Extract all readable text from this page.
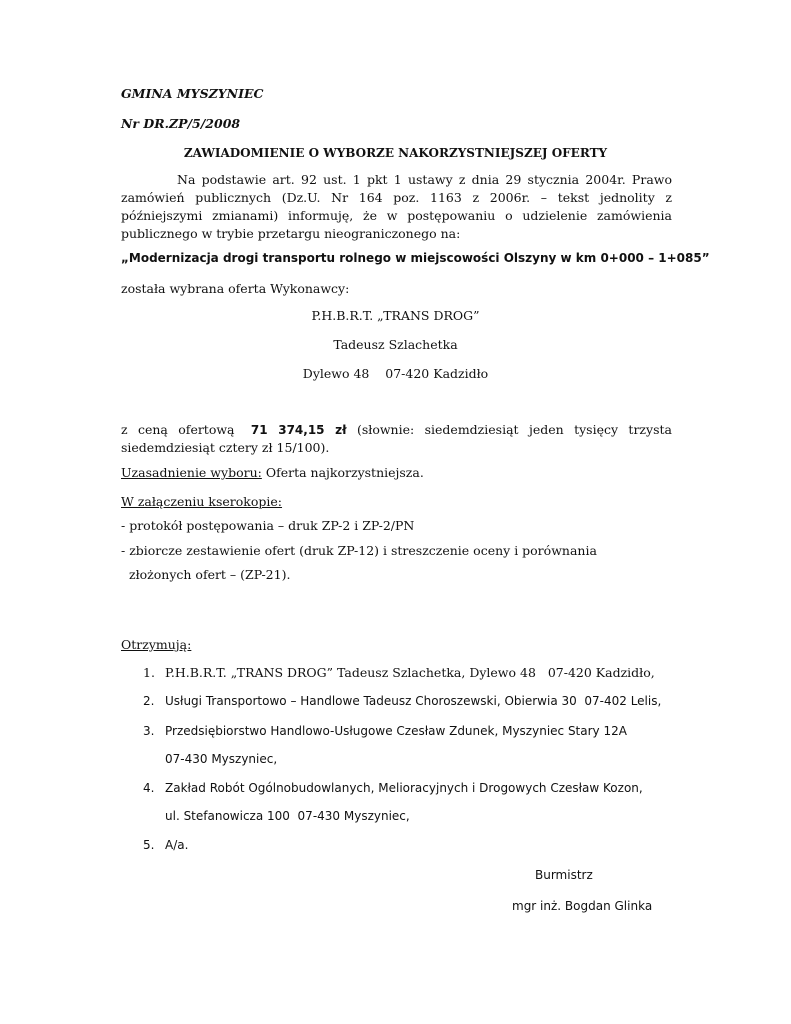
GMINA MYSZYNIEC
Nr DR.ZP/5/2008
ZAWIADOMIENIE O WYBORZE NAKORZYSTNIEJSZEJ OFERTY
Na podstawie art. 92 ust. 1 pkt 1 ustawy z dnia 29 stycznia 2004r. Prawo zamówień publicznych (Dz.U. Nr 164 poz. 1163 z 2006r. – tekst jednolity z późniejszymi zmianami) informuję, że w postępowaniu o udzielenie zamówienia publicznego w trybie przetargu nieograniczonego na:
„Modernizacja drogi transportu rolnego w miejscowości Olszyny w km 0+000 – 1+085”
została wybrana oferta Wykonawcy:
P.H.B.R.T. „TRANS DROG”
Tadeusz Szlachetka
Dylewo 48    07-420 Kadzidło
z ceną ofertową 71 374,15 zł (słownie: siedemdziesiąt jeden tysięcy trzysta siedemdziesiąt cztery zł 15/100).
Uzasadnienie wyboru: Oferta najkorzystniejsza.
W załączeniu kserokopie:
- protokół postępowania – druk ZP-2 i ZP-2/PN
- zbiorcze zestawienie ofert (druk ZP-12) i streszczenie oceny i porównania
złożonych ofert – (ZP-21).
Otrzymują:
1. P.H.B.R.T. „TRANS DROG” Tadeusz Szlachetka, Dylewo 48   07-420 Kadzidło,
2. Usługi Transportowo – Handlowe Tadeusz Choroszewski, Obierwia 30  07-402 Lelis,
3. Przedsiębiorstwo Handlowo-Usługowe Czesław Zdunek, Myszyniec Stary 12A
07-430 Myszyniec,
4. Zakład Robót Ogólnobudowlanych, Melioracyjnych i Drogowych Czesław Kozon,
ul. Stefanowicza 100  07-430 Myszyniec,
5. A/a.
Burmistrz
mgr inż. Bogdan Glinka
